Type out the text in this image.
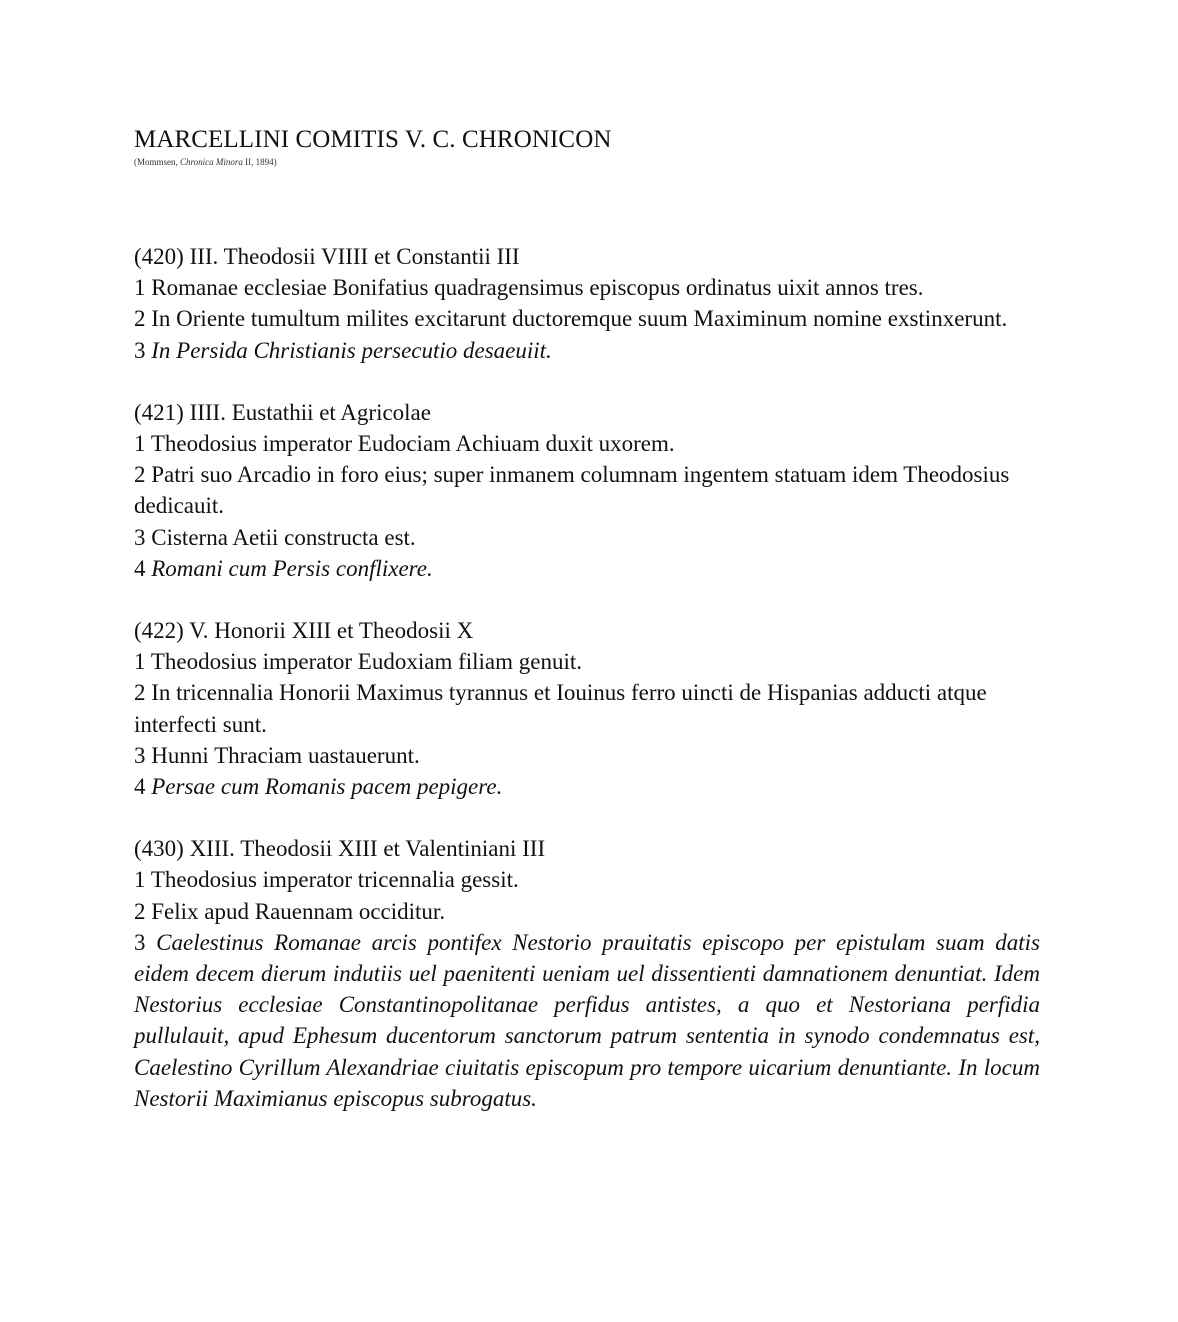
MARCELLINI COMITIS V. C. CHRONICON

(Mommsen, Chronica Minora II, 1894)

(420) III. Theodosii VIIII et Constantii III

1 Romanae ecclesiae Bonifatius quadragensimus episcopus ordinatus uixit annos tres.

2 In Oriente tumultum milites excitarunt ductoremque suum Maximinum nomine exstinxerunt.

3 In Persida Christianis persecutio desaeuiit.

(421) IIII. Eustathii et Agricolae

1 Theodosius imperator Eudociam Achiuam duxit uxorem.

2 Patri suo Arcadio in foro eius; super inmanem columnam ingentem statuam idem Theodosius dedicauit.

3 Cisterna Aetii constructa est.

4 Romani cum Persis conflixere.

(422) V. Honorii XIII et Theodosii X

1 Theodosius imperator Eudoxiam filiam genuit.

2 In tricennalia Honorii Maximus tyrannus et Iouinus ferro uincti de Hispanias adducti atque interfecti sunt.

3 Hunni Thraciam uastauerunt.

4 Persae cum Romanis pacem pepigere.

(430) XIII. Theodosii XIII et Valentiniani III

1 Theodosius imperator tricennalia gessit.

2 Felix apud Rauennam occiditur.

3 Caelestinus Romanae arcis pontifex Nestorio prauitatis episcopo per epistulam suam datis eidem decem dierum indutiis uel paenitenti ueniam uel dissentienti damnationem denuntiat. Idem Nestorius ecclesiae Constantinopolitanae perfidus antistes, a quo et Nestoriana perfidia pullulauit, apud Ephesum ducentorum sanctorum patrum sententia in synodo condemnatus est, Caelestino Cyrillum Alexandriae ciuitatis episcopum pro tempore uicarium denuntiante. In locum Nestorii Maximianus episcopus subrogatus.
